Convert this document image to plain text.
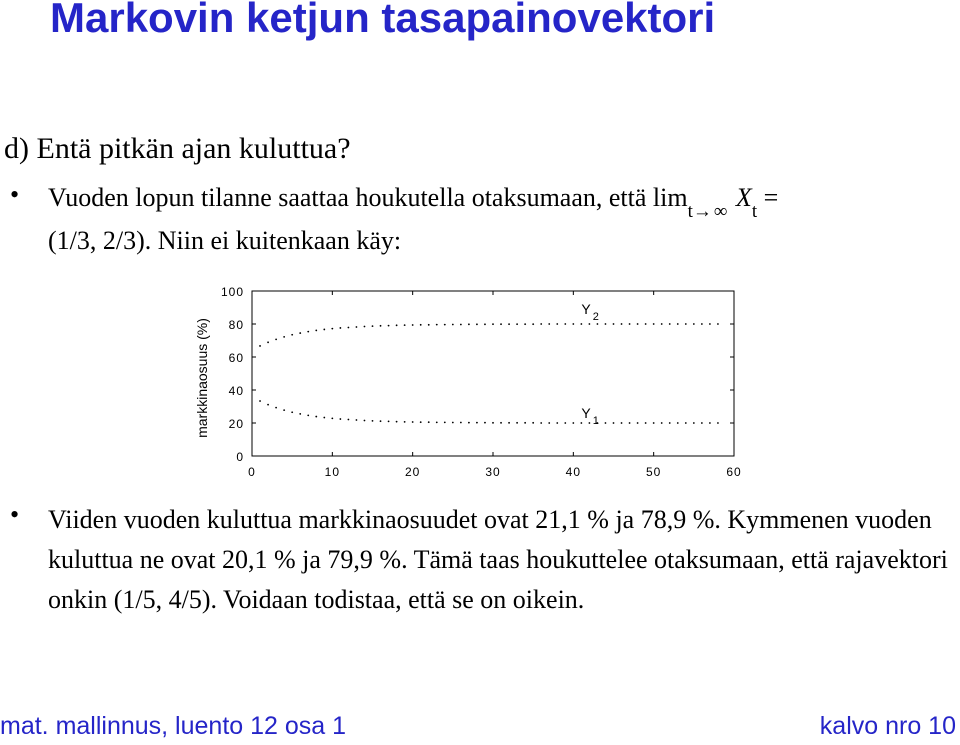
Markovin ketjun tasapainovektori
d) Entä pitkän ajan kuluttua?
• Vuoden lopun tilanne saattaa houkutella otaksumaan, että $\lim_{t\to\infty} X_t$ =
(1/3, 2/3). Niin ei kuitenkaan käy:
markkinaosuus (%)
0
20
40
60
80
100
0	10	20	30	40	50	60
Y $_2$
Y $_1$
• Viiden vuoden kuluttua markkinaosuudet ovat 21,1 % ja 78,9 %. Kymmenen vuoden kuluttua ne ovat 20,1 % ja 79,9 %. Tämä taas houkuttelee otaksumaan, että rajavektori onkin (1/5, 4/5). Voidaan todistaa, että se on oikein.
mat. mallinnus, luento 12 osa 1	kalvo nro 10
